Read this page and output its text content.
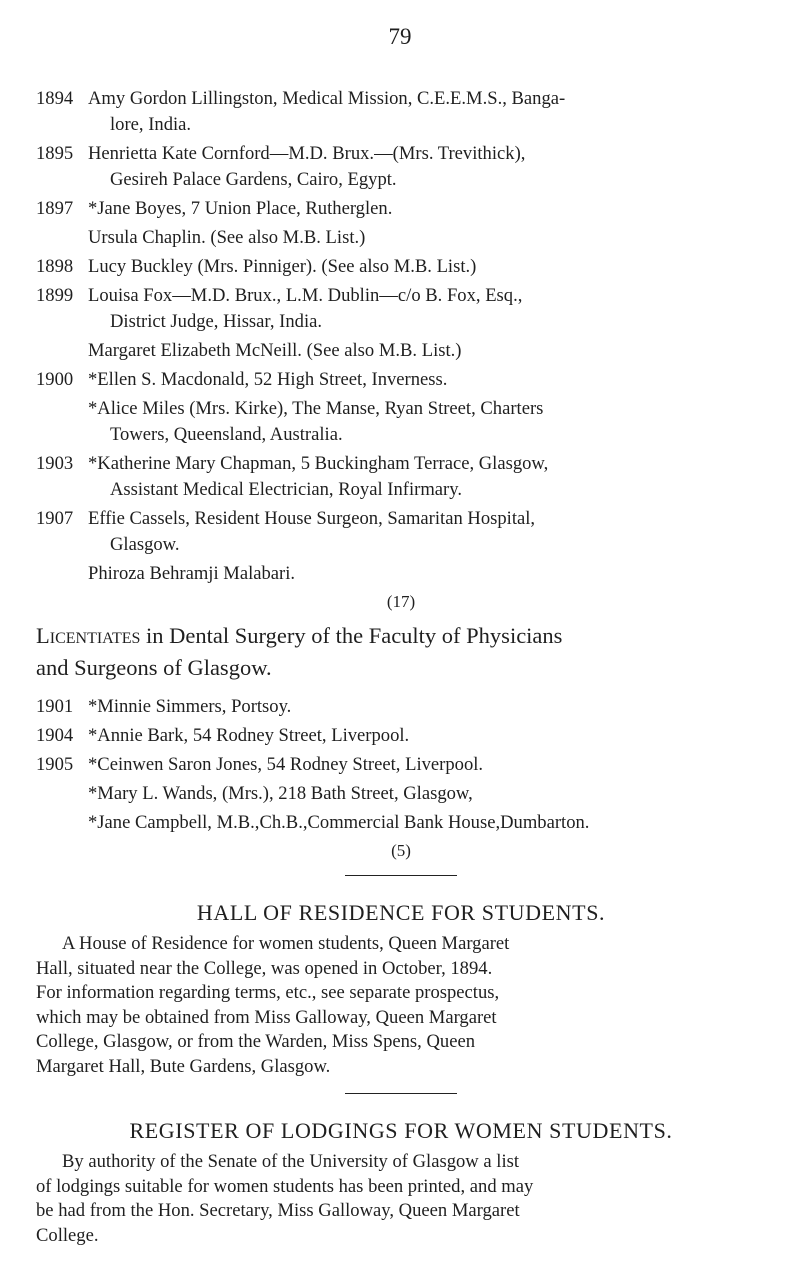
79
1894 Amy Gordon Lillingston, Medical Mission, C.E.E.M.S., Banga-
lore, India.
1895 Henrietta Kate Cornford—M.D. Brux.—(Mrs. Trevithick),
Gesireh Palace Gardens, Cairo, Egypt.
1897 *Jane Boyes, 7 Union Place, Rutherglen.
Ursula Chaplin. (See also M.B. List.)
1898 Lucy Buckley (Mrs. Pinniger). (See also M.B. List.)
1899 Louisa Fox—M.D. Brux., L.M. Dublin—c/o B. Fox, Esq.,
District Judge, Hissar, India.
Margaret Elizabeth McNeill. (See also M.B. List.)
1900 *Ellen S. Macdonald, 52 High Street, Inverness.
*Alice Miles (Mrs. Kirke), The Manse, Ryan Street, Charters
Towers, Queensland, Australia.
1903 *Katherine Mary Chapman, 5 Buckingham Terrace, Glasgow,
Assistant Medical Electrician, Royal Infirmary.
1907 Effie Cassels, Resident House Surgeon, Samaritan Hospital,
Glasgow.
Phiroza Behramji Malabari.
(17)
Licentiates in Dental Surgery of the Faculty of Physicians
and Surgeons of Glasgow.
1901 *Minnie Simmers, Portsoy.
1904 *Annie Bark, 54 Rodney Street, Liverpool.
1905 *Ceinwen Saron Jones, 54 Rodney Street, Liverpool.
*Mary L. Wands, (Mrs.), 218 Bath Street, Glasgow,
*Jane Campbell, M.B.,Ch.B.,Commercial Bank House,Dumbarton.
(5)
HALL OF RESIDENCE FOR STUDENTS.
A House of Residence for women students, Queen Margaret
Hall, situated near the College, was opened in October, 1894.
For information regarding terms, etc., see separate prospectus,
which may be obtained from Miss Galloway, Queen Margaret
College, Glasgow, or from the Warden, Miss Spens, Queen
Margaret Hall, Bute Gardens, Glasgow.
REGISTER OF LODGINGS FOR WOMEN STUDENTS.
By authority of the Senate of the University of Glasgow a list
of lodgings suitable for women students has been printed, and may
be had from the Hon. Secretary, Miss Galloway, Queen Margaret
College.
